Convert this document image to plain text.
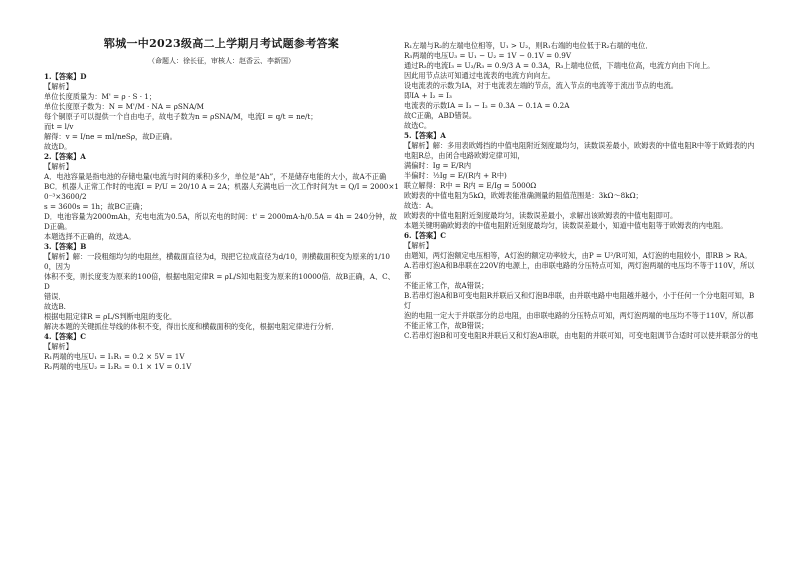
郓城一中2023级高二上学期月考试题参考答案
（命题人：徐长征，审核人：赵香云、李新国）
1.【答案】D
【解析】
单位长度质量为：M' = ρ · S · 1；
单位长度原子数为：N = M'/M · NA = ρSNA/M
每个铜原子可以提供一个自由电子，故电子数为n = ρSNA/M，电流I = q/t = ne/t；
而t = l/v
解得：v = I/ne = mI/neSρ，故D正确。
故选D。
2.【答案】A
【解析】
A．电池容量是指电池的存储电量(电流与时间的乘积)多少，单位是“Ah”，不是储存电能的大小，故A不正确
BC．机器人正常工作时的电流I = P/U = 20/10 A = 2A；机器人充满电后一次工作时间为t = Q/I = 2000×10⁻³×3600/2
s = 3600s = 1h；故BC正确；
D．电池容量为2000mAh，充电电流为0.5A，所以充电的时间：t' = 2000mA·h/0.5A = 4h = 240分钟，故D正确。
本题选择不正确的，故选A。
3.【答案】B
【解析】解：一段粗细均匀的电阻丝，横截面直径为d，现把它拉成直径为d/10，则横截面积变为原来的1/100，因为
体积不变，则长度变为原来的100倍，根据电阻定律R = ρL/S知电阻变为原来的10000倍．故B正确，A、C、D
错误．
故选B.
根据电阻定律R = ρL/S判断电阻的变化．
解决本题的关键抓住导线的体积不变，得出长度和横截面积的变化，根据电阻定律进行分析．
4.【答案】C
【解析】
R₁两端的电压U₁ = I₁R₁ = 0.2 × 5V = 1V
R₂两端的电压U₂ = I₂R₂ = 0.1 × 1V = 0.1V
R₁左端与R₂的左端电位相等，U₁ > U₂，则R₁右端的电位低于R₂右端的电位．
R₃两端的电压U₃ = U₁ − U₂ = 1V − 0.1V = 0.9V
通过R₃的电流I₃ = U₃/R₃ = 0.9/3 A = 0.3A，R₃上端电位低，下端电位高，电流方向由下向上。
因此用节点法可知通过电流表的电流方向向左。
设电流表的示数为IA，对于电流表左端的节点，流入节点的电流等于流出节点的电流。
即IA + I₂ = I₃
电流表的示数IA = I₃ − I₂ = 0.3A − 0.1A = 0.2A
故C正确，ABD错误。
故选C。
5.【答案】A
【解析】解：多用表欧姆挡的中值电阻附近刻度最均匀，读数误差最小，欧姆表的中值电阻R中等于欧姆表的内
电阻R总，由闭合电路欧姆定律可知，
满偏时：Ig = E/R内
半偏时：½Ig = E/(R内 + R中)
联立解得：R中 = R内 = E/Ig = 5000Ω
欧姆表的中值电阻为5kΩ，欧姆表能准确测量的阻值范围是：3kΩ～8kΩ；
故选：A。
欧姆表的中值电阻附近刻度最均匀，读数误差最小，求解出该欧姆表的中值电阻即可。
本题关键明确欧姆表的中值电阻附近刻度最均匀，读数误差最小，知道中值电阻等于欧姆表的内电阻。
6.【答案】C
【解析】
由题知，两灯泡额定电压相等，A灯泡的额定功率较大，由P = U²/R可知，A灯泡的电阻较小，即RB > RA。
A.若串灯泡A和B串联在220V的电源上，由串联电路的分压特点可知，两灯泡两端的电压均不等于110V，所以都
不能正常工作，故A错误；
B.若串灯泡A和B可变电阻R并联后又和灯泡B串联，由并联电路中电阻越并越小，小于任何一个分电阻可知，B灯
泡的电阻一定大于并联部分的总电阻，由串联电路的分压特点可知，两灯泡两端的电压均不等于110V，所以都
不能正常工作，故B错误；
C.若串灯泡B和可变电阻R并联后又和灯泡A串联，由电阻的并联可知，可变电阻调节合适时可以使并联部分的电
